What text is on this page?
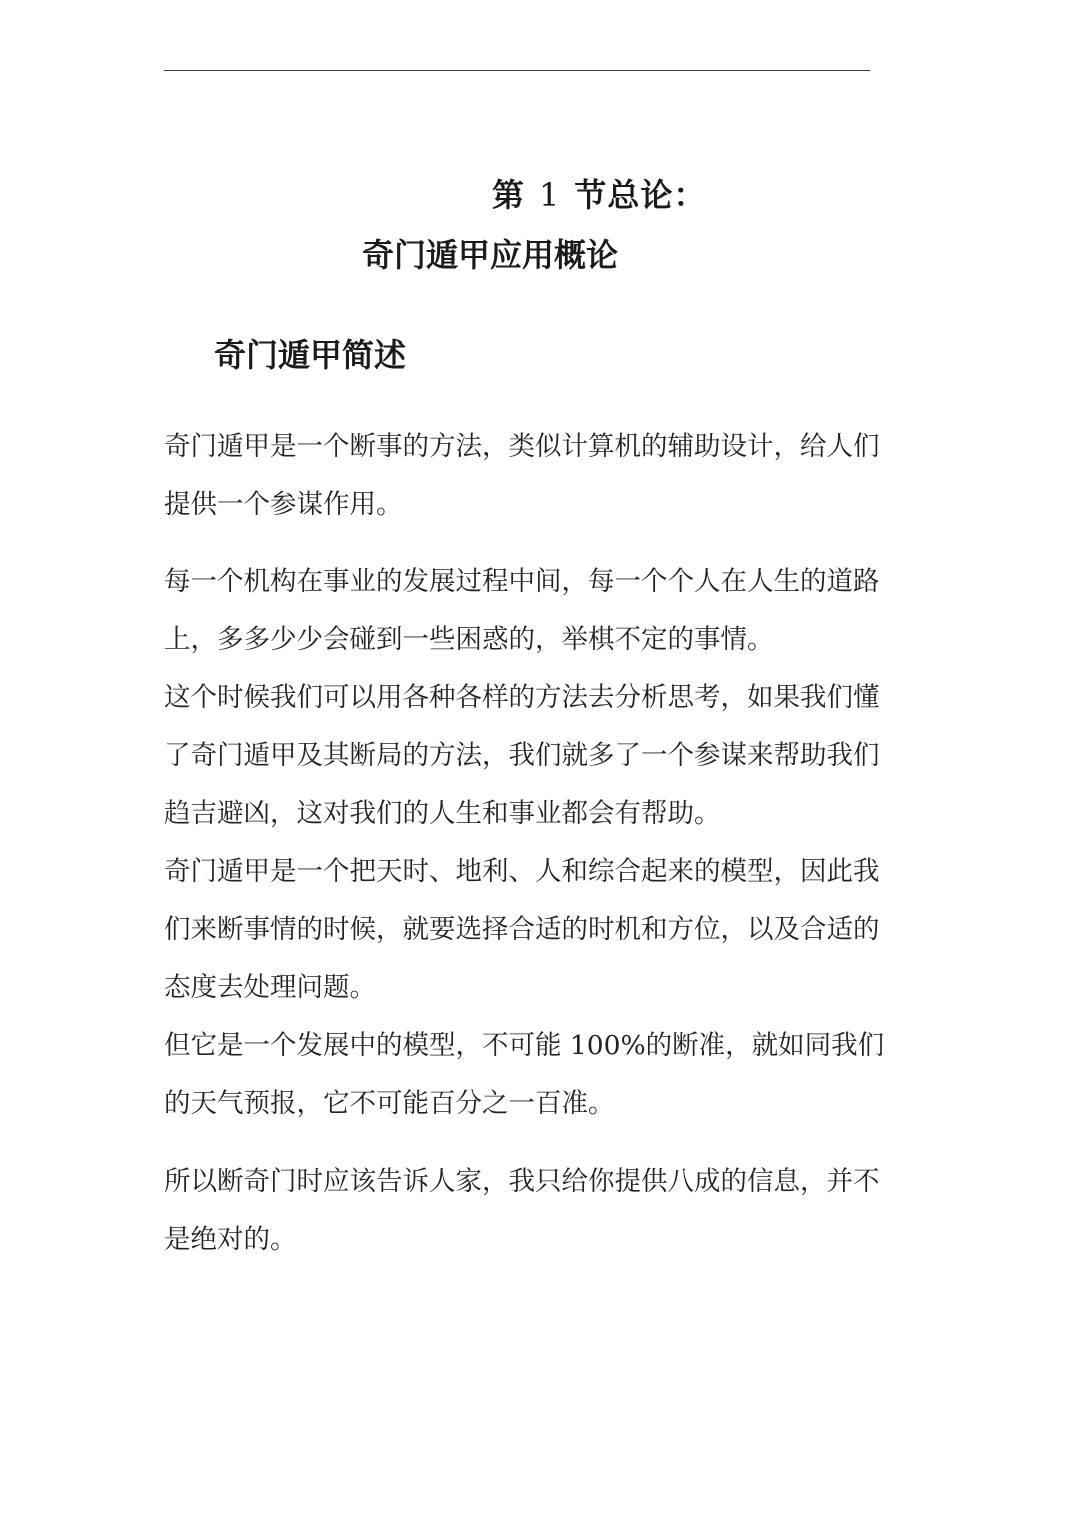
第 1 节总论：
奇门遁甲应用概论
奇门遁甲简述

奇门遁甲是一个断事的方法，类似计算机的辅助设计，给人们
提供一个参谋作用。

每一个机构在事业的发展过程中间，每一个个人在人生的道路
上，多多少少会碰到一些困惑的，举棋不定的事情。
这个时候我们可以用各种各样的方法去分析思考，如果我们懂
了奇门遁甲及其断局的方法，我们就多了一个参谋来帮助我们
趋吉避凶，这对我们的人生和事业都会有帮助。
奇门遁甲是一个把天时、地利、人和综合起来的模型，因此我
们来断事情的时候，就要选择合适的时机和方位，以及合适的
态度去处理问题。
但它是一个发展中的模型，不可能 100%的断准，就如同我们
的天气预报，它不可能百分之一百准。

所以断奇门时应该告诉人家，我只给你提供八成的信息，并不
是绝对的。
